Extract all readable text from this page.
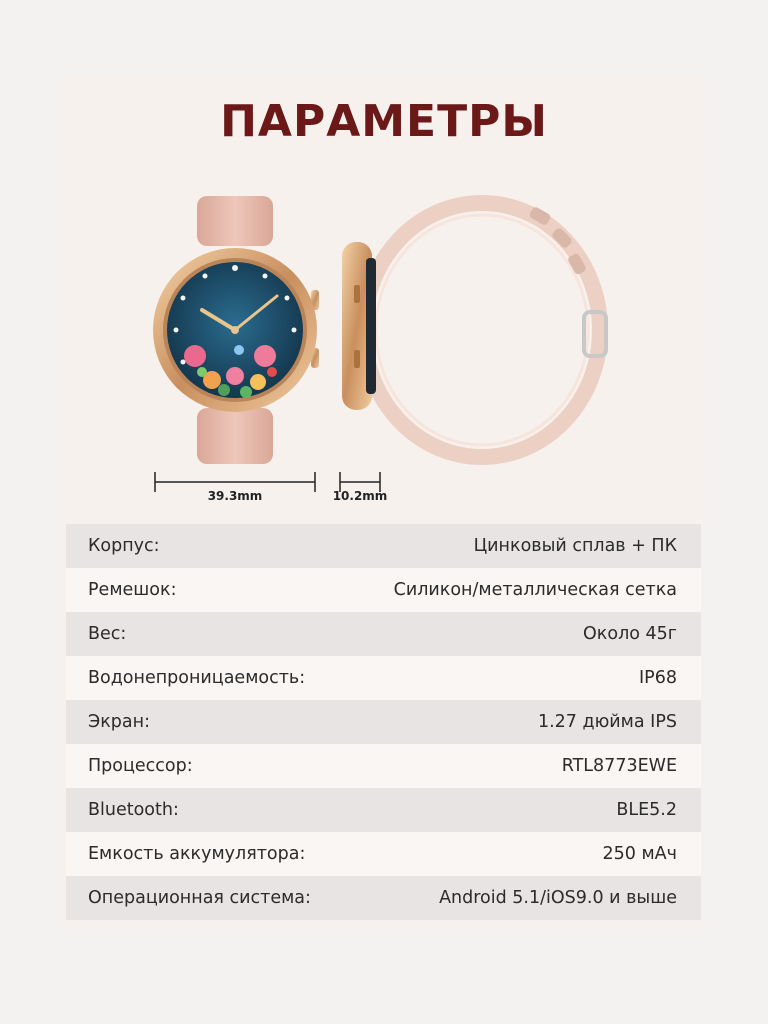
ПАРАМЕТРЫ
39.3mm	10.2mm
Корпус:	Цинковый сплав + ПК
Ремешок:	Силикон/металлическая сетка
Вес:	Около 45г
Водонепроницаемость:	IP68
Экран:	1.27 дюйма IPS
Процессор:	RTL8773EWE
Bluetooth:	BLE5.2
Емкость аккумулятора:	250 мАч
Операционная система:	Android 5.1/iOS9.0 и выше
